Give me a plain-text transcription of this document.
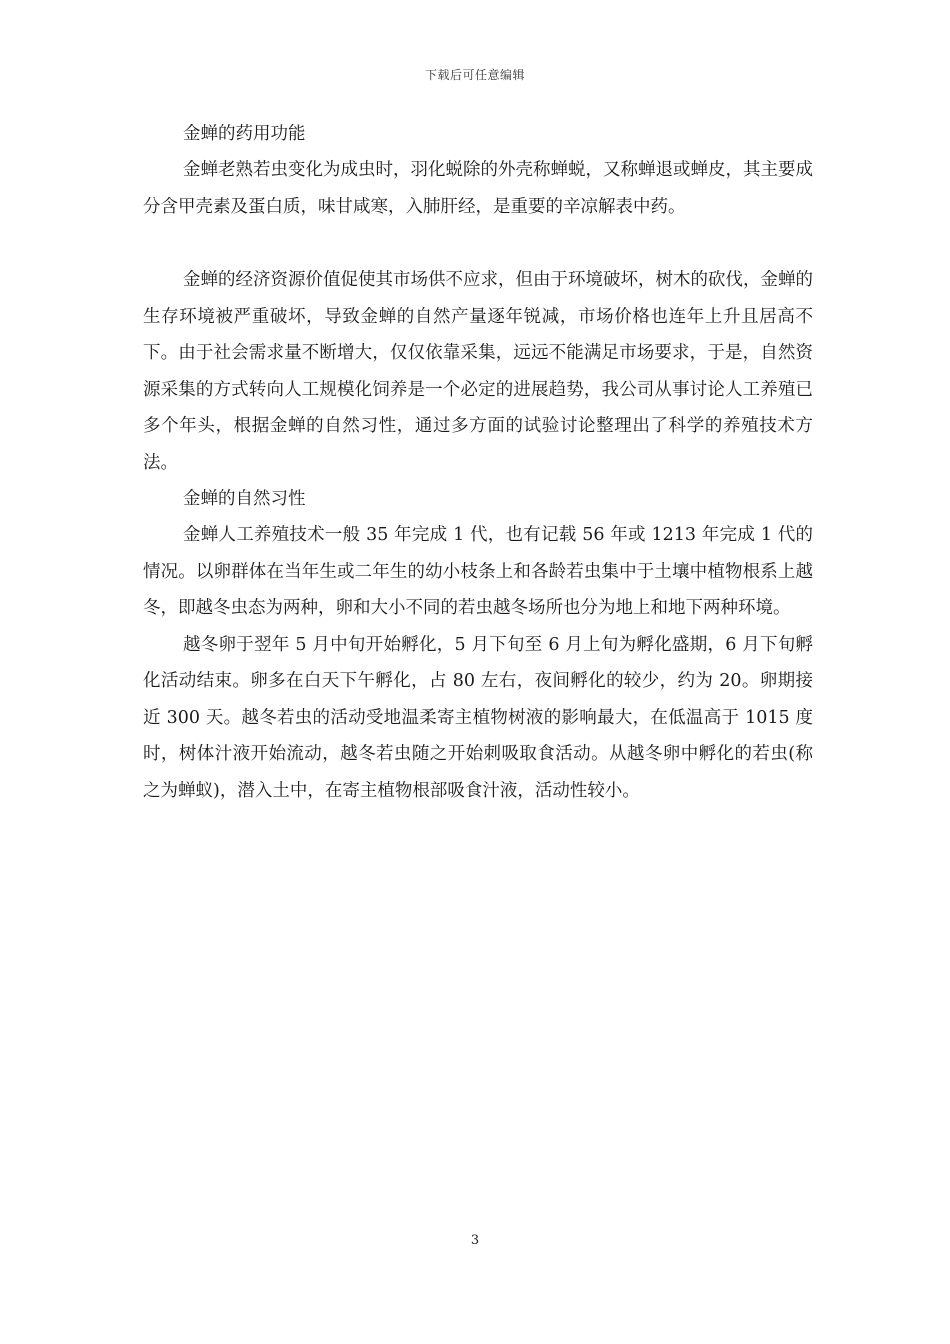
下载后可任意编辑

金蝉的药用功能

金蝉老熟若虫变化为成虫时，羽化蜕除的外壳称蝉蜕，又称蝉退或蝉皮，其主要成分含甲壳素及蛋白质，味甘咸寒，入肺肝经，是重要的辛凉解表中药。

金蝉的经济资源价值促使其市场供不应求，但由于环境破坏，树木的砍伐，金蝉的生存环境被严重破坏，导致金蝉的自然产量逐年锐减，市场价格也连年上升且居高不下。由于社会需求量不断增大，仅仅依靠采集，远远不能满足市场要求，于是，自然资源采集的方式转向人工规模化饲养是一个必定的进展趋势，我公司从事讨论人工养殖已多个年头，根据金蝉的自然习性，通过多方面的试验讨论整理出了科学的养殖技术方法。

金蝉的自然习性

金蝉人工养殖技术一般 35 年完成 1 代，也有记载 56 年或 1213 年完成 1 代的情况。以卵群体在当年生或二年生的幼小枝条上和各龄若虫集中于土壤中植物根系上越冬，即越冬虫态为两种，卵和大小不同的若虫越冬场所也分为地上和地下两种环境。

越冬卵于翌年 5 月中旬开始孵化，5 月下旬至 6 月上旬为孵化盛期，6 月下旬孵化活动结束。卵多在白天下午孵化，占 80 左右，夜间孵化的较少，约为 20。卵期接近 300 天。越冬若虫的活动受地温柔寄主植物树液的影响最大，在低温高于 1015 度时，树体汁液开始流动，越冬若虫随之开始刺吸取食活动。从越冬卵中孵化的若虫(称之为蝉蚁)，潜入土中，在寄主植物根部吸食汁液，活动性较小。

3
